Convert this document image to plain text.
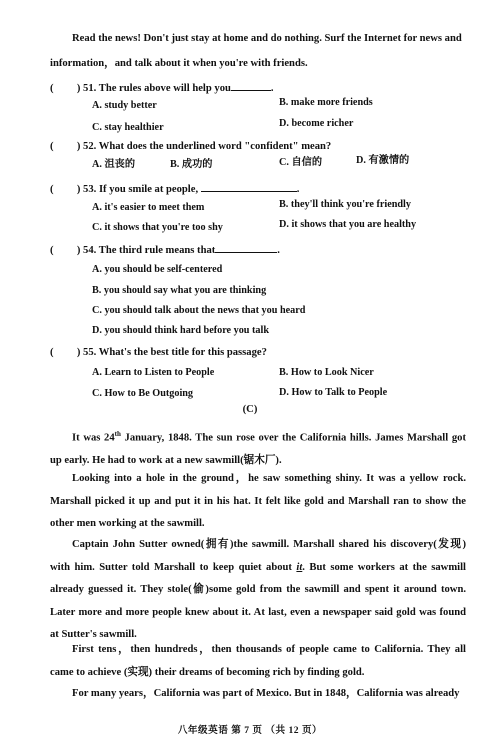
Read the news! Don't just stay at home and do nothing. Surf the Internet for news and
information，and talk about it when you're with friends.
( ) 51. The rules above will help you	.
A. study better	B. make more friends
C. stay healthier	D. become richer
( ) 52. What does the underlined word "confident" mean?
A. 沮丧的	B. 成功的	C. 自信的	D. 有激情的
( ) 53. If you smile at people,	.
A. it's easier to meet them	B. they'll think you're friendly
C. it shows that you're too shy	D. it shows that you are healthy
( ) 54. The third rule means that	.
A. you should be self-centered
B. you should say what you are thinking
C. you should talk about the news that you heard
D. you should think hard before you talk
( ) 55. What's the best title for this passage?
A. Learn to Listen to People	B. How to Look Nicer
C. How to Be Outgoing	D. How to Talk to People
(C)
It was 24th January, 1848. The sun rose over the California hills. James Marshall got up early. He had to work at a new sawmill(锯木厂).
Looking into a hole in the ground，he saw something shiny. It was a yellow rock. Marshall picked it up and put it in his hat. It felt like gold and Marshall ran to show the other men working at the sawmill.
Captain John Sutter owned(拥有)the sawmill. Marshall shared his discovery(发现) with him. Sutter told Marshall to keep quiet about it. But some workers at the sawmill already guessed it. They stole(偷)some gold from the sawmill and spent it around town. Later more and more people knew about it. At last, even a newspaper said gold was found at Sutter's sawmill.
First tens，then hundreds，then thousands of people came to California. They all came to achieve (实现) their dreams of becoming rich by finding gold.
For many years，California was part of Mexico. But in 1848，California was already
八年级英语 第 7 页 （共 12 页）
